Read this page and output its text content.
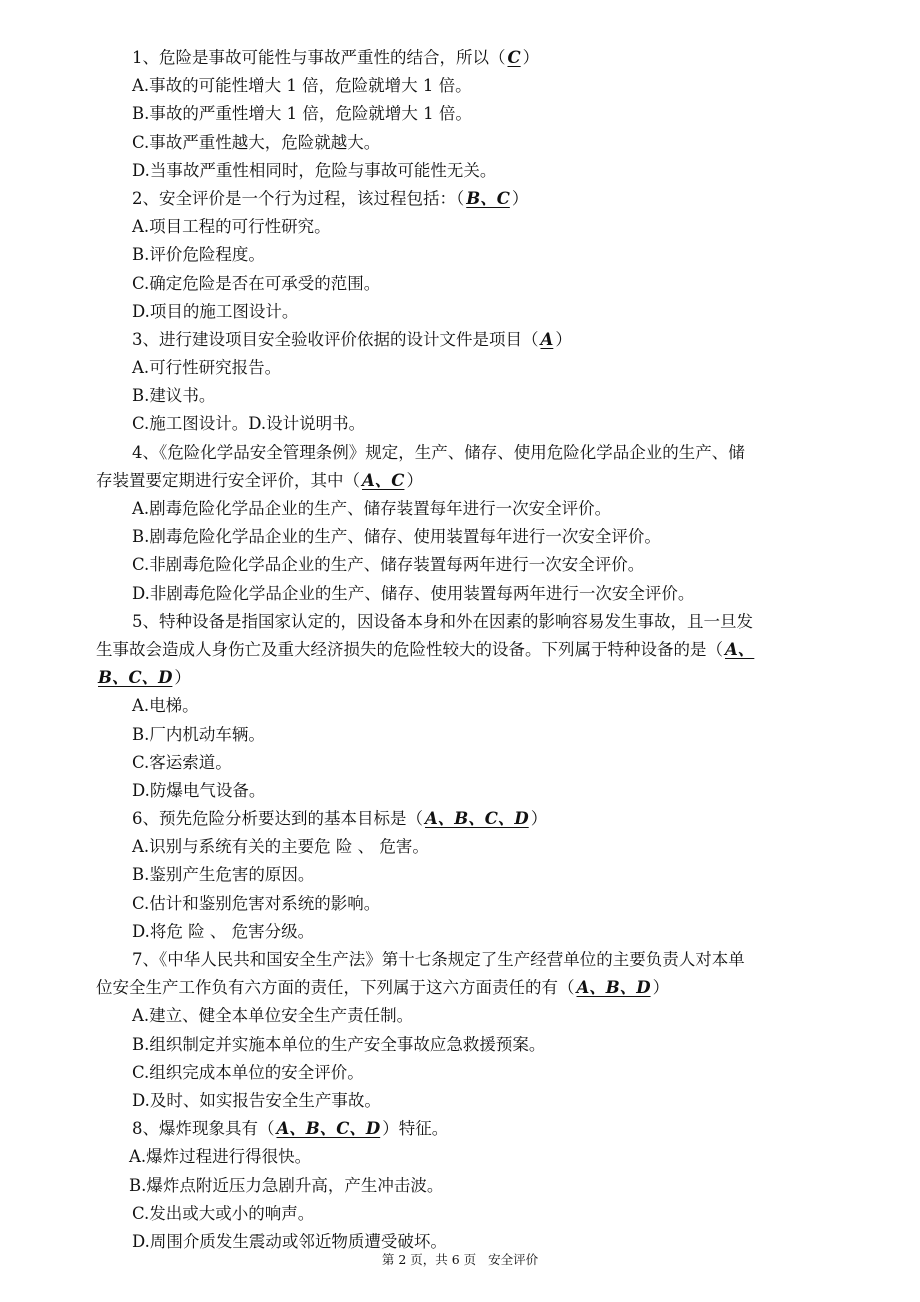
1、危险是事故可能性与事故严重性的结合，所以（ C ）
A.事故的可能性增大 1 倍，危险就增大 1 倍。
B.事故的严重性增大 1 倍，危险就增大 1 倍。
C.事故严重性越大，危险就越大。
D.当事故严重性相同时，危险与事故可能性无关。
2、安全评价是一个行为过程，该过程包括：（ B、C ）
A.项目工程的可行性研究。
B.评价危险程度。
C.确定危险是否在可承受的范围。
D.项目的施工图设计。
3、进行建设项目安全验收评价依据的设计文件是项目（ A ）
A.可行性研究报告。
B.建议书。
C.施工图设计。D.设计说明书。
4、《危险化学品安全管理条例》规定，生产、储存、使用危险化学品企业的生产、储
存装置要定期进行安全评价，其中（ A、C ）
A.剧毒危险化学品企业的生产、储存装置每年进行一次安全评价。
B.剧毒危险化学品企业的生产、储存、使用装置每年进行一次安全评价。
C.非剧毒危险化学品企业的生产、储存装置每两年进行一次安全评价。
D.非剧毒危险化学品企业的生产、储存、使用装置每两年进行一次安全评价。
5、特种设备是指国家认定的，因设备本身和外在因素的影响容易发生事故，且一旦发
生事故会造成人身伤亡及重大经济损失的危险性较大的设备。下列属于特种设备的是（ A、
B、C、D ）
A.电梯。
B.厂内机动车辆。
C.客运索道。
D.防爆电气设备。
6、预先危险分析要达到的基本目标是（ A、B、C、D ）
A.识别与系统有关的主要危 险 、 危害。
B.鉴别产生危害的原因。
C.估计和鉴别危害对系统的影响。
D.将危 险 、 危害分级。
7、《中华人民共和国安全生产法》第十七条规定了生产经营单位的主要负责人对本单
位安全生产工作负有六方面的责任，下列属于这六方面责任的有（ A、B、D ）
A.建立、健全本单位安全生产责任制。
B.组织制定并实施本单位的生产安全事故应急救援预案。
C.组织完成本单位的安全评价。
D.及时、如实报告安全生产事故。
8、爆炸现象具有（ A、B、C、D ）特征。
A.爆炸过程进行得很快。
B.爆炸点附近压力急剧升高，产生冲击波。
C.发出或大或小的响声。
D.周围介质发生震动或邻近物质遭受破坏。
第 2 页，共 6 页 安全评价
